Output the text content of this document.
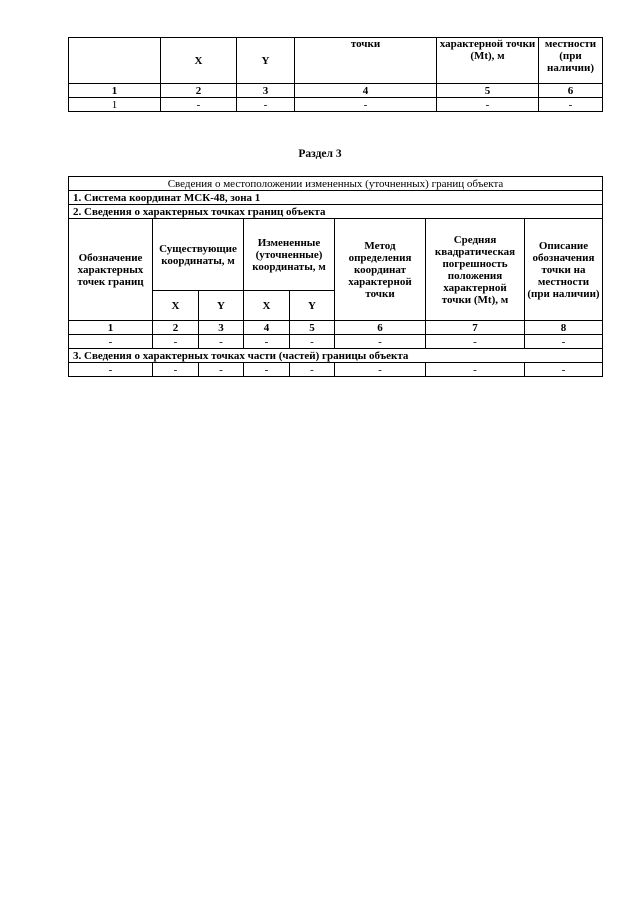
	X	Y	точки	характерной точки (Mt), м	местности (при наличии)
1	2	3	4	5	6
1	-	-	-	-	-
Раздел 3
Сведения о местоположении измененных (уточненных) границ объекта							
1. Система координат МСК-48, зона 1							
2. Сведения о характерных точках границ объекта							
Обозначение характерных точек границ	Существующие координаты, м		Измененные (уточненные) координаты, м		Метод определения координат характерной точки	Средняя квадратическая погрешность положения характерной точки (Mt), м	Описание обозначения точки на местности (при наличии)
	X	Y	X	Y			
1	2	3	4	5	6	7	8
-	-	-	-	-	-	-	-
3. Сведения о характерных точках части (частей) границы объекта							
-	-	-	-	-	-	-	-
